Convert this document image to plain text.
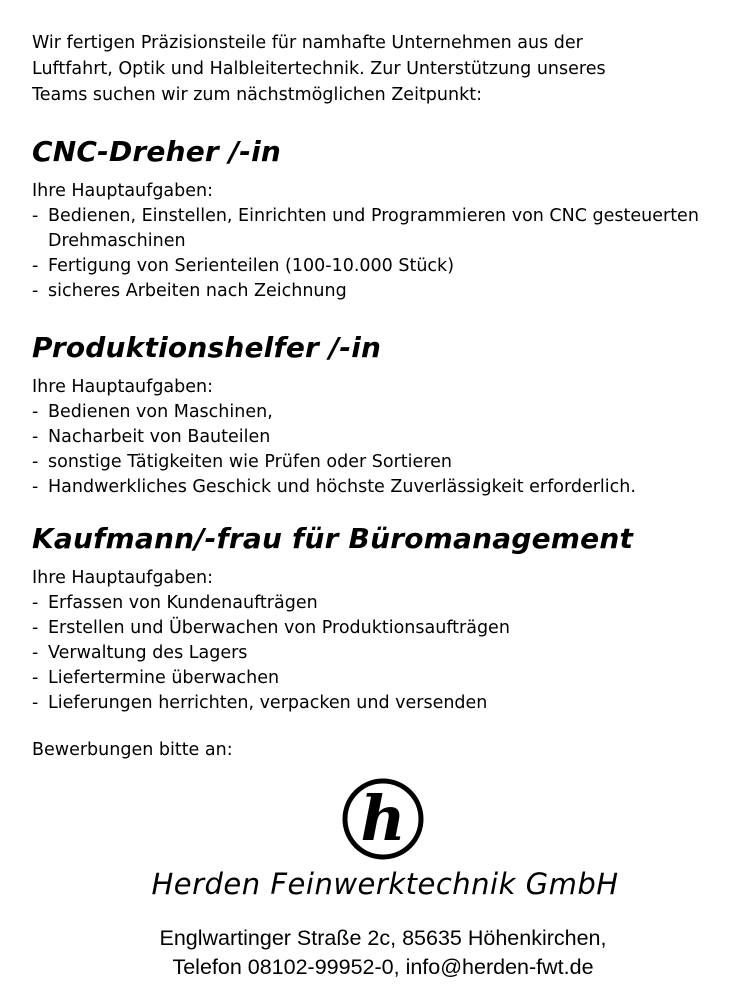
Wir fertigen Präzisionsteile für namhafte Unternehmen aus der

Luftfahrt, Optik und Halbleitertechnik. Zur Unterstützung unseres

Teams suchen wir zum nächstmöglichen Zeitpunkt:

CNC-Dreher /-in

Ihre Hauptaufgaben:

- Bedienen, Einstellen, Einrichten und Programmieren von CNC gesteuerten Drehmaschinen
- Fertigung von Serienteilen (100-10.000 Stück)
- sicheres Arbeiten nach Zeichnung
Produktionshelfer /-in

Ihre Hauptaufgaben:

- Bedienen von Maschinen,
- Nacharbeit von Bauteilen
- sonstige Tätigkeiten wie Prüfen oder Sortieren
- Handwerkliches Geschick und höchste Zuverlässigkeit erforderlich.
Kaufmann/-frau für Büromanagement

Ihre Hauptaufgaben:

- Erfassen von Kundenaufträgen
- Erstellen und Überwachen von Produktionsaufträgen
- Verwaltung des Lagers
- Liefertermine überwachen
- Lieferungen herrichten, verpacken und versenden

Bewerbungen bitte an:

h
Herden Feinwerktechnik GmbH
Englwartinger Straße 2c, 85635 Höhenkirchen,
Telefon 08102-99952-0, info@herden-fwt.de
